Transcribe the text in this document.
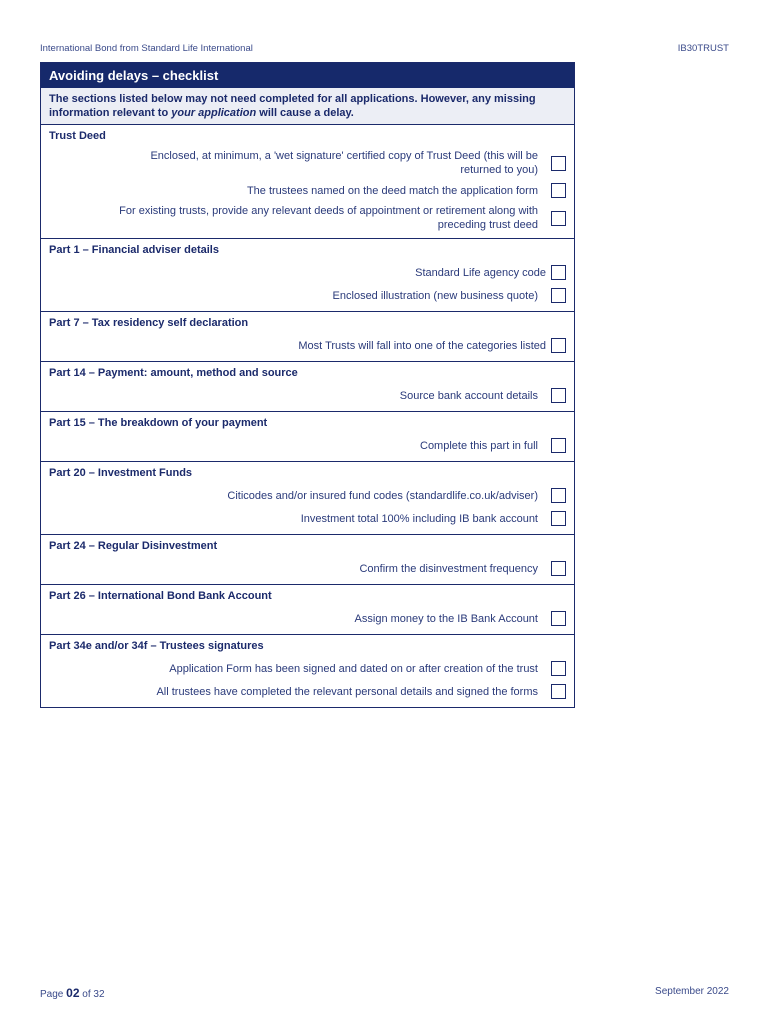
International Bond from Standard Life International	IB30TRUST
Avoiding delays – checklist
The sections listed below may not need completed for all applications. However, any missing information relevant to your application will cause a delay.
Trust Deed
Enclosed, at minimum, a 'wet signature' certified copy of Trust Deed (this will be returned to you)
The trustees named on the deed match the application form
For existing trusts, provide any relevant deeds of appointment or retirement along with preceding trust deed
Part 1 – Financial adviser details
Standard Life agency code
Enclosed illustration (new business quote)
Part 7 – Tax residency self declaration
Most Trusts will fall into one of the categories listed
Part 14 – Payment: amount, method and source
Source bank account details
Part 15 – The breakdown of your payment
Complete this part in full
Part 20 – Investment Funds
Citicodes and/or insured fund codes (standardlife.co.uk/adviser)
Investment total 100% including IB bank account
Part 24 – Regular Disinvestment
Confirm the disinvestment frequency
Part 26 – International Bond Bank Account
Assign money to the IB Bank Account
Part 34e and/or 34f – Trustees signatures
Application Form has been signed and dated on or after creation of the trust
All trustees have completed the relevant personal details and signed the forms
Page 02 of 32	September 2022
